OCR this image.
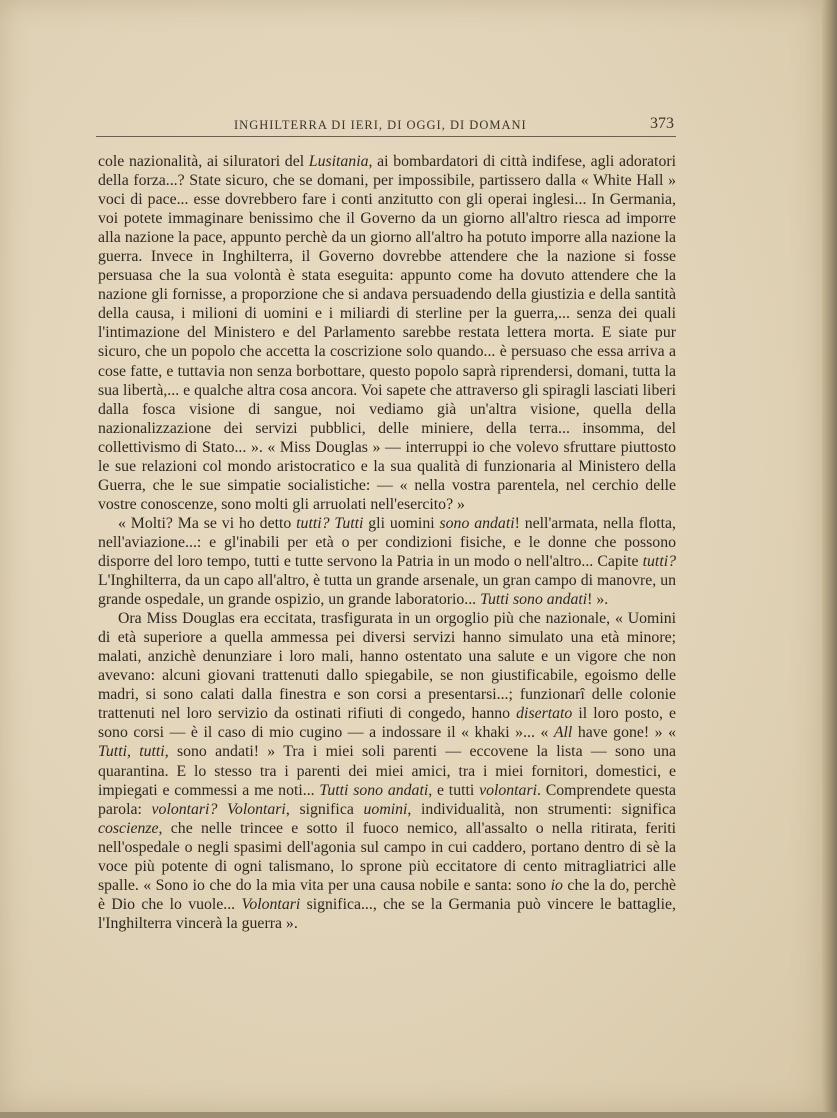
INGHILTERRA DI IERI, DI OGGI, DI DOMANI	373

cole nazionalità, ai siluratori del Lusitania, ai bombardatori di città indifese, agli adoratori della forza...? State sicuro, che se domani, per impossibile, partissero dalla « White Hall » voci di pace... esse dovrebbero fare i conti anzitutto con gli operai inglesi... In Germania, voi potete immaginare benissimo che il Governo da un giorno all'altro riesca ad imporre alla nazione la pace, appunto perchè da un giorno all'altro ha potuto imporre alla nazione la guerra. Invece in Inghilterra, il Governo dovrebbe attendere che la nazione si fosse persuasa che la sua volontà è stata eseguita: appunto come ha dovuto attendere che la nazione gli fornisse, a proporzione che si andava persuadendo della giustizia e della santità della causa, i milioni di uomini e i miliardi di sterline per la guerra,... senza dei quali l'intimazione del Ministero e del Parlamento sarebbe restata lettera morta. E siate pur sicuro, che un popolo che accetta la coscrizione solo quando... è persuaso che essa arriva a cose fatte, e tuttavia non senza borbottare, questo popolo saprà riprendersi, domani, tutta la sua libertà,... e qualche altra cosa ancora. Voi sapete che attraverso gli spiragli lasciati liberi dalla fosca visione di sangue, noi vediamo già un'altra visione, quella della nazionalizzazione dei servizi pubblici, delle miniere, della terra... insomma, del collettivismo di Stato... ». « Miss Douglas » — interruppi io che volevo sfruttare piuttosto le sue relazioni col mondo aristocratico e la sua qualità di funzionaria al Ministero della Guerra, che le sue simpatie socialistiche: — « nella vostra parentela, nel cerchio delle vostre conoscenze, sono molti gli arruolati nell'esercito? »

« Molti? Ma se vi ho detto tutti? Tutti gli uomini sono andati! nell'armata, nella flotta, nell'aviazione...: e gl'inabili per età o per condizioni fisiche, e le donne che possono disporre del loro tempo, tutti e tutte servono la Patria in un modo o nell'altro... Capite tutti? L'Inghilterra, da un capo all'altro, è tutta un grande arsenale, un gran campo di manovre, un grande ospedale, un grande ospizio, un grande laboratorio... Tutti sono andati! ».

Ora Miss Douglas era eccitata, trasfigurata in un orgoglio più che nazionale, « Uomini di età superiore a quella ammessa pei diversi servizi hanno simulato una età minore; malati, anzichè denunziare i loro mali, hanno ostentato una salute e un vigore che non avevano: alcuni giovani trattenuti dallo spiegabile, se non giustificabile, egoismo delle madri, si sono calati dalla finestra e son corsi a presentarsi...; funzionarî delle colonie trattenuti nel loro servizio da ostinati rifiuti di congedo, hanno disertato il loro posto, e sono corsi — è il caso di mio cugino — a indossare il « khaki »... « All have gone! » « Tutti, tutti, sono andati! » Tra i miei soli parenti — eccovene la lista — sono una quarantina. E lo stesso tra i parenti dei miei amici, tra i miei fornitori, domestici, e impiegati e commessi a me noti... Tutti sono andati, e tutti volontari. Comprendete questa parola: volontari? Volontari, significa uomini, individualità, non strumenti: significa coscienze, che nelle trincee e sotto il fuoco nemico, all'assalto o nella ritirata, feriti nell'ospedale o negli spasimi dell'agonia sul campo in cui caddero, portano dentro di sè la voce più potente di ogni talismano, lo sprone più eccitatore di cento mitragliatrici alle spalle. « Sono io che do la mia vita per una causa nobile e santa: sono io che la do, perchè è Dio che lo vuole... Volontari significa..., che se la Germania può vincere le battaglie, l'Inghilterra vincerà la guerra ».
